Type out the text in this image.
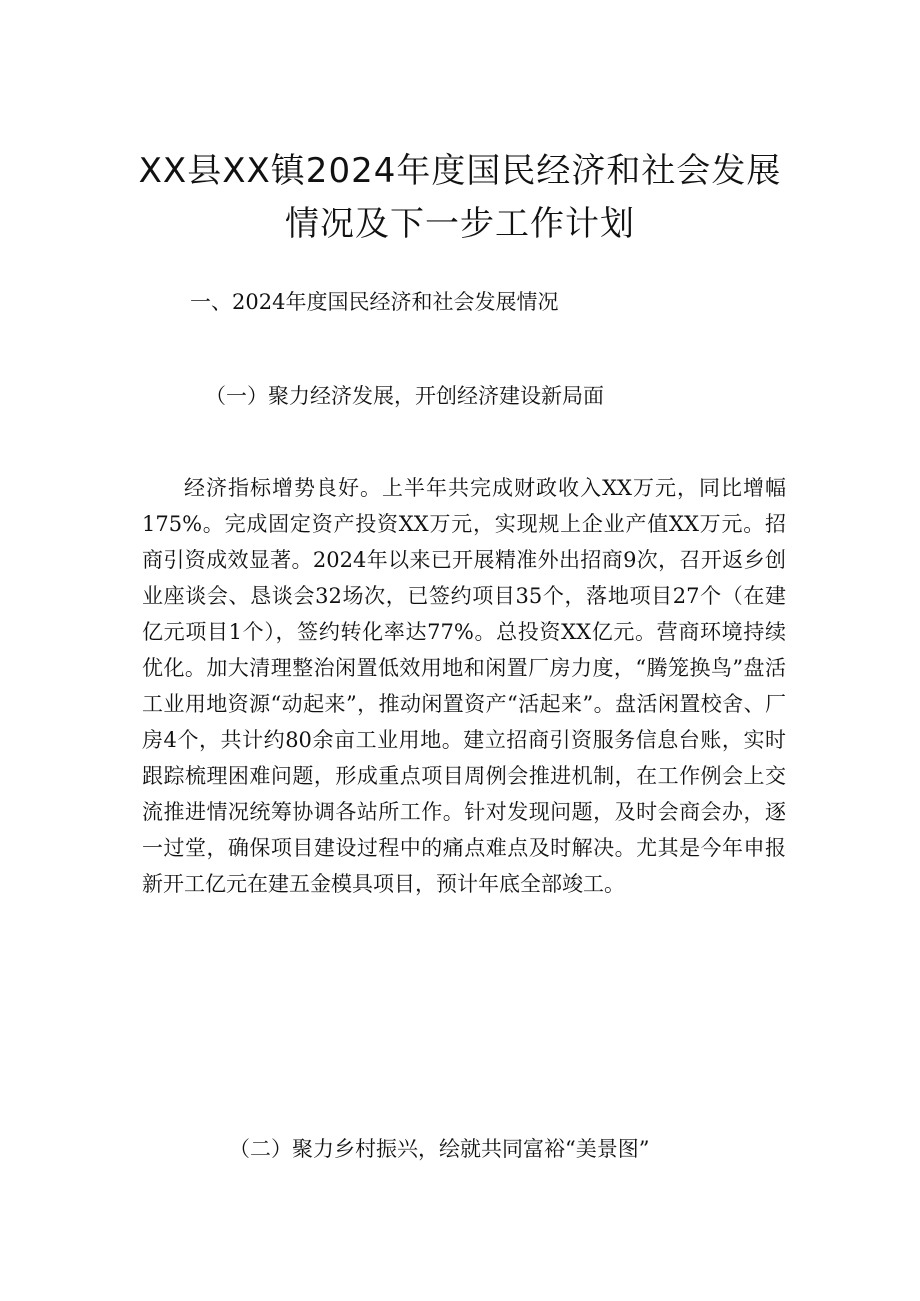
XX县XX镇2024年度国民经济和社会发展
情况及下一步工作计划
一、2024年度国民经济和社会发展情况
（一）聚力经济发展，开创经济建设新局面

经济指标增势良好。上半年共完成财政收入XX万元，同比增幅175%。完成固定资产投资XX万元，实现规上企业产值XX万元。招商引资成效显著。2024年以来已开展精准外出招商9次，召开返乡创业座谈会、恳谈会32场次，已签约项目35个，落地项目27个（在建亿元项目1个），签约转化率达77%。总投资XX亿元。营商环境持续优化。加大清理整治闲置低效用地和闲置厂房力度，“腾笼换鸟”盘活工业用地资源“动起来”，推动闲置资产“活起来”。盘活闲置校舍、厂房4个，共计约80余亩工业用地。建立招商引资服务信息台账，实时跟踪梳理困难问题，形成重点项目周例会推进机制，在工作例会上交流推进情况统筹协调各站所工作。针对发现问题，及时会商会办，逐一过堂，确保项目建设过程中的痛点难点及时解决。尤其是今年申报新开工亿元在建五金模具项目，预计年底全部竣工。

（二）聚力乡村振兴，绘就共同富裕“美景图”
